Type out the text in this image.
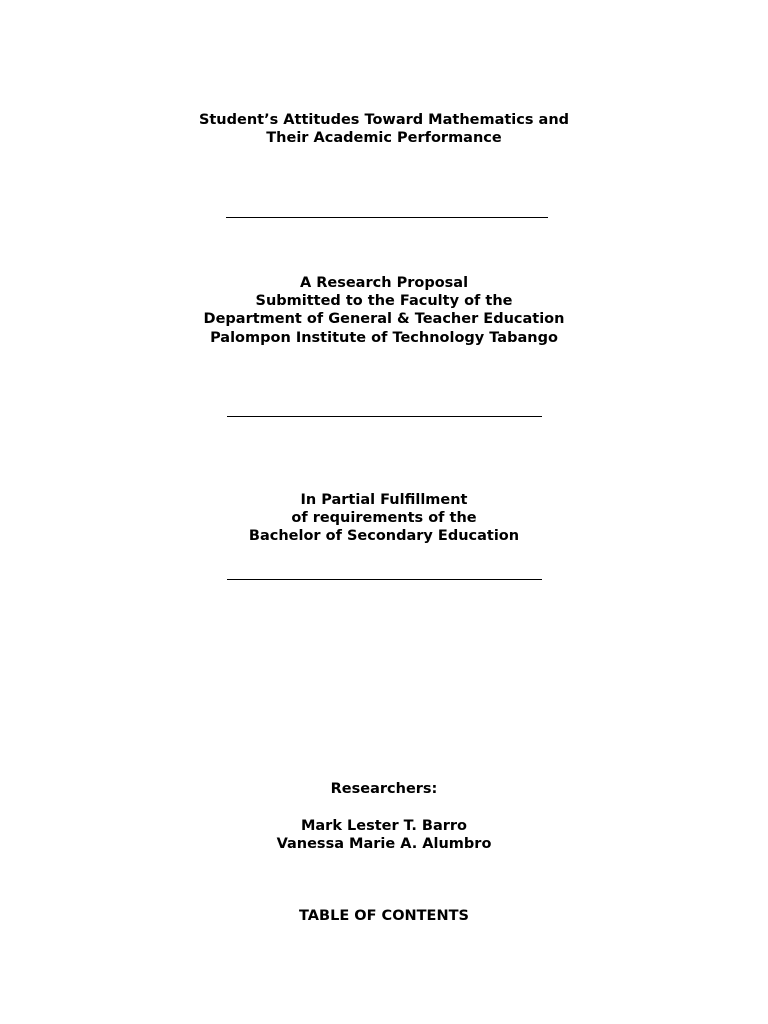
Student’s Attitudes Toward Mathematics and
Their Academic Performance
A Research Proposal
Submitted to the Faculty of the
Department of General & Teacher Education
Palompon Institute of Technology Tabango
In Partial Fulfillment
of requirements of the
Bachelor of Secondary Education
Researchers:
Mark Lester T. Barro
Vanessa Marie A. Alumbro
TABLE OF CONTENTS
